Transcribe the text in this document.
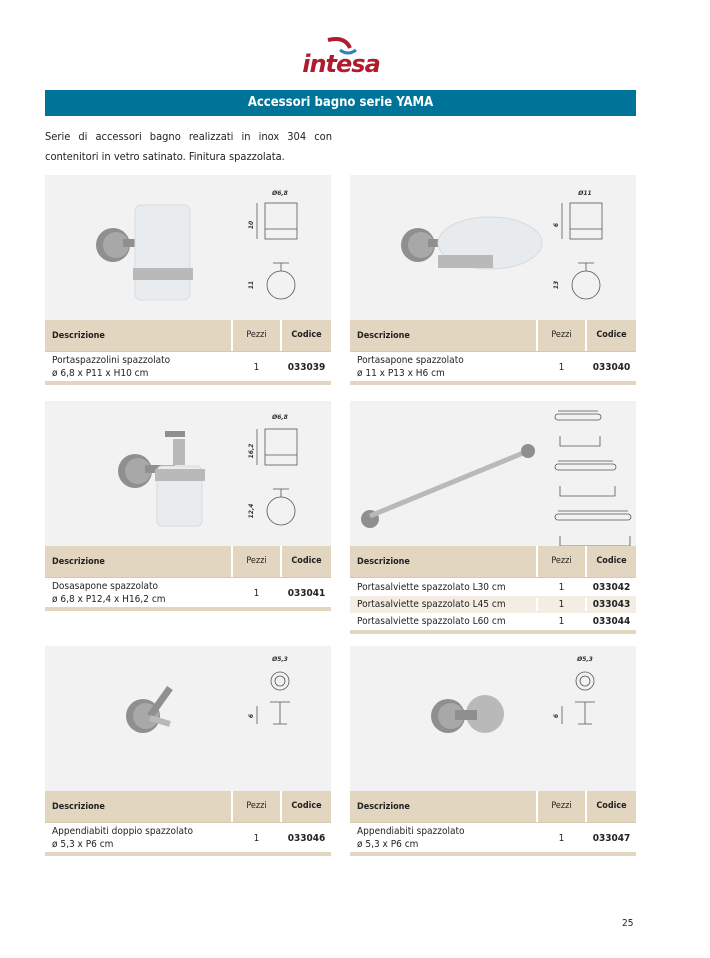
intesa
Accessori bagno serie YAMA
Serie di accessori bagno realizzati in inox 304 con contenitori in vetro satinato. Finitura spazzolata.
Ø6,8
10
11
Descrizione	Pezzi	Codice
Portaspazzolini spazzolato
ø 6,8 x P11 x H10 cm
1	033039
Ø11
6
13
Descrizione	Pezzi	Codice
Portasapone spazzolato
ø 11 x P13 x H6 cm
1	033040
Ø6,8
16,2
12,4
Descrizione	Pezzi	Codice
Dosasapone spazzolato
ø 6,8 x P12,4 x H16,2 cm
1	033041
Descrizione	Pezzi	Codice
Portasalviette spazzolato L30 cm	1	033042
Portasalviette spazzolato L45 cm	1	033043
Portasalviette spazzolato L60 cm	1	033044
Ø5,3
6
Descrizione	Pezzi	Codice
Appendiabiti doppio spazzolato
ø 5,3 x P6 cm
1	033046
Ø5,3
6
Descrizione	Pezzi	Codice
Appendiabiti spazzolato
ø 5,3 x P6 cm
1	033047
25
